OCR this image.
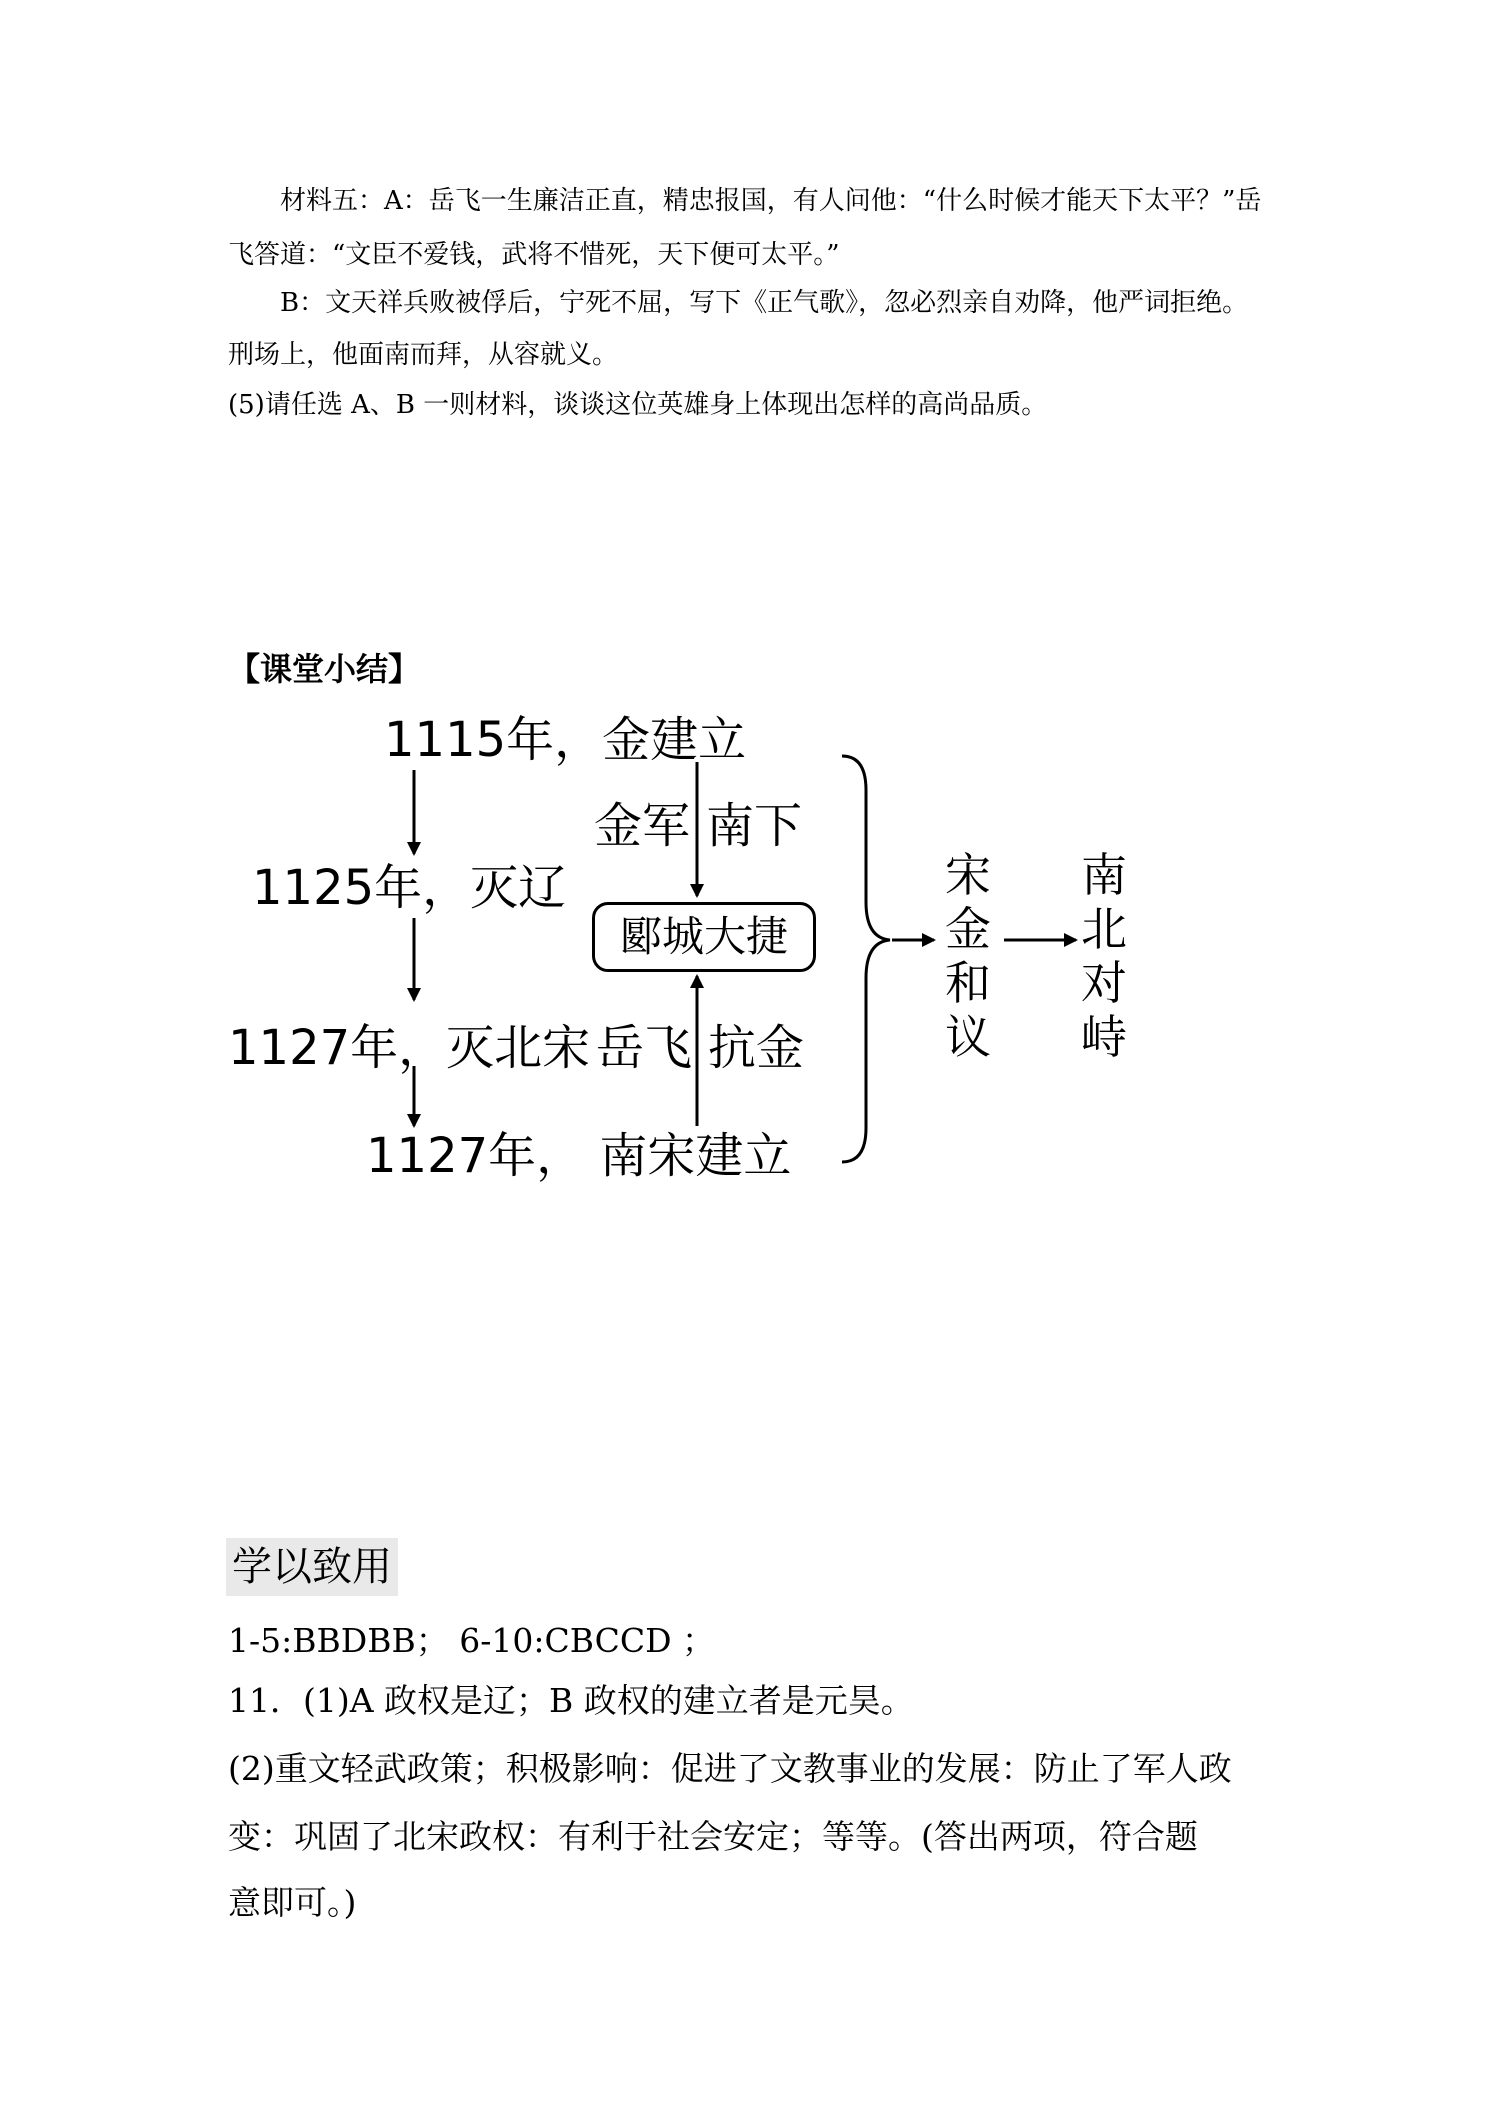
材料五：A：岳飞一生廉洁正直，精忠报国，有人问他：“什么时候才能天下太平？”岳
飞答道：“文臣不爱钱，武将不惜死，天下便可太平。”
B：文天祥兵败被俘后，宁死不屈，写下《正气歌》，忽必烈亲自劝降，他严词拒绝。
刑场上，他面南而拜，从容就义。
(5)请任选 A、B 一则材料，谈谈这位英雄身上体现出怎样的高尚品质。
【课堂小结】
1115年，金建立
1125年，灭辽
1127年，灭北宋
1127年， 南宋建立
金军 南下
郾城大捷
岳飞 抗金
宋
金
和
议
南
北
对
峙
学以致用
1-5:BBDBB； 6-10:CBCCD ；
11．(1)A 政权是辽；B 政权的建立者是元昊。
(2)重文轻武政策；积极影响：促进了文教事业的发展：防止了军人政
变：巩固了北宋政权：有利于社会安定；等等。(答出两项，符合题
意即可。)
